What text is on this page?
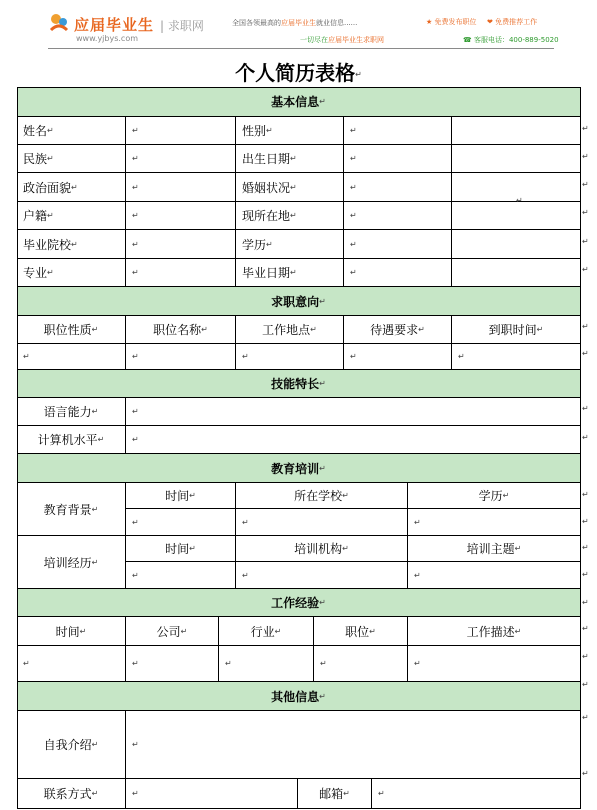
应届毕业生 | 求职网
www.yjbys.com
全国各领最高的应届毕业生就业信息......
一切尽在应届毕业生求职网
★ 免费发布职位 ❤ 免费推荐工作
☎ 客服电话：400-889-5020
个人简历表格↵
基本信息 ↵
姓名 ↵	↵	性别 ↵	↵
民族 ↵	↵	出生日期 ↵	↵
政治面貌 ↵	↵	婚姻状况 ↵	↵
户籍 ↵	↵	现所在地 ↵	↵
毕业院校 ↵	↵	学历 ↵	↵
专业 ↵	↵	毕业日期 ↵	↵
↵
求职意向 ↵
职位性质 ↵	职位名称 ↵	工作地点 ↵	待遇要求 ↵	到职时间 ↵
↵	↵	↵	↵	↵
技能特长 ↵
语言能力 ↵	↵
计算机水平 ↵	↵
教育培训 ↵
教育背景 ↵
时间 ↵	所在学校 ↵	学历 ↵
↵	↵	↵
培训经历 ↵
时间 ↵	培训机构 ↵	培训主题 ↵
↵	↵	↵
工作经验 ↵
时间 ↵	公司 ↵	行业 ↵	职位 ↵	工作描述 ↵
↵	↵	↵	↵	↵
其他信息 ↵
自我介绍 ↵	↵
联系方式 ↵	↵	邮箱 ↵	↵
↵
↵
↵
↵
↵
↵
↵
↵
↵
↵
↵
↵
↵
↵
↵
↵
↵
↵
↵
↵
